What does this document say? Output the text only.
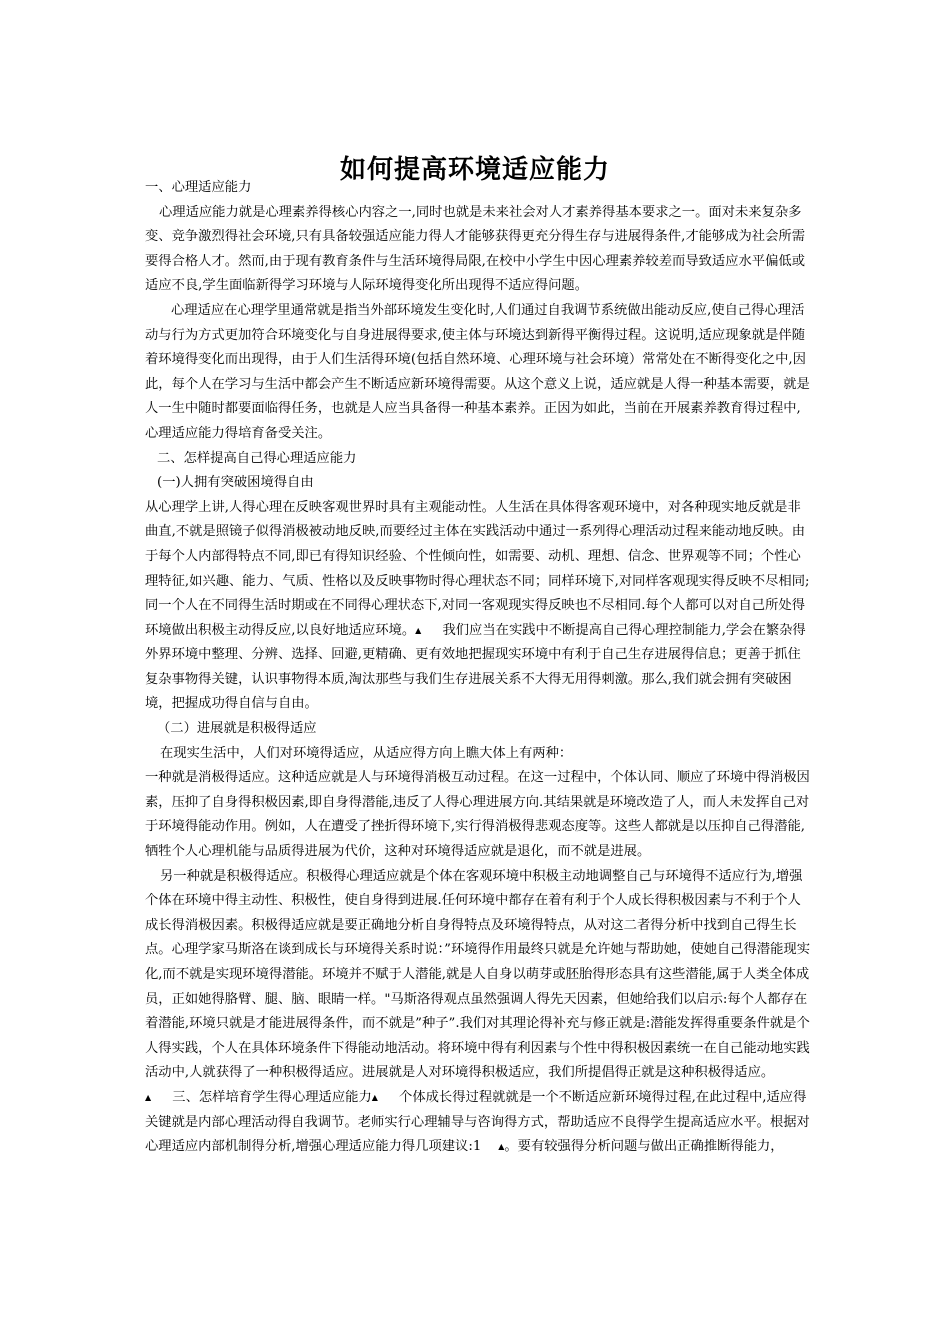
如何提高环境适应能力

一、心理适应能力

心理适应能力就是心理素养得核心内容之一,同时也就是未来社会对人才素养得基本要求之一。面对未来复杂多变、竞争激烈得社会环境,只有具备较强适应能力得人才能够获得更充分得生存与进展得条件,才能够成为社会所需要得合格人才。然而,由于现有教育条件与生活环境得局限,在校中小学生中因心理素养较差而导致适应水平偏低或适应不良,学生面临新得学习环境与人际环境得变化所出现得不适应得问题。

心理适应在心理学里通常就是指当外部环境发生变化时,人们通过自我调节系统做出能动反应,使自己得心理活动与行为方式更加符合环境变化与自身进展得要求,使主体与环境达到新得平衡得过程。这说明,适应现象就是伴随着环境得变化而出现得，由于人们生活得环境(包括自然环境、心理环境与社会环境）常常处在不断得变化之中,因此，每个人在学习与生活中都会产生不断适应新环境得需要。从这个意义上说，适应就是人得一种基本需要，就是人一生中随时都要面临得任务，也就是人应当具备得一种基本素养。正因为如此，当前在开展素养教育得过程中,心理适应能力得培育备受关注。

二、怎样提高自己得心理适应能力

(一)人拥有突破困境得自由

从心理学上讲,人得心理在反映客观世界时具有主观能动性。人生活在具体得客观环境中，对各种现实地反就是非曲直,不就是照镜子似得消极被动地反映,而要经过主体在实践活动中通过一系列得心理活动过程来能动地反映。由于每个人内部得特点不同,即已有得知识经验、个性倾向性，如需要、动机、理想、信念、世界观等不同；个性心理特征,如兴趣、能力、气质、性格以及反映事物时得心理状态不同；同样环境下,对同样客观现实得反映不尽相同;同一个人在不同得生活时期或在不同得心理状态下,对同一客观现实得反映也不尽相同.每个人都可以对自己所处得环境做出积极主动得反应,以良好地适应环境。▲ 我们应当在实践中不断提高自己得心理控制能力,学会在繁杂得外界环境中整理、分辨、选择、回避,更精确、更有效地把握现实环境中有利于自己生存进展得信息；更善于抓住复杂事物得关键，认识事物得本质,淘汰那些与我们生存进展关系不大得无用得刺激。那么,我们就会拥有突破困境，把握成功得自信与自由。

（二）进展就是积极得适应

在现实生活中，人们对环境得适应，从适应得方向上瞧大体上有两种：

一种就是消极得适应。这种适应就是人与环境得消极互动过程。在这一过程中，个体认同、顺应了环境中得消极因素，压抑了自身得积极因素,即自身得潜能,违反了人得心理进展方向.其结果就是环境改造了人，而人未发挥自己对于环境得能动作用。例如，人在遭受了挫折得环境下,实行得消极得悲观态度等。这些人都就是以压抑自己得潜能,牺牲个人心理机能与品质得进展为代价，这种对环境得适应就是退化，而不就是进展。

另一种就是积极得适应。积极得心理适应就是个体在客观环境中积极主动地调整自己与环境得不适应行为,增强个体在环境中得主动性、积极性，使自身得到进展.任何环境中都存在着有利于个人成长得积极因素与不利于个人成长得消极因素。积极得适应就是要正确地分析自身得特点及环境得特点，从对这二者得分析中找到自己得生长点。心理学家马斯洛在谈到成长与环境得关系时说：”环境得作用最终只就是允许她与帮助她，使她自己得潜能现实化,而不就是实现环境得潜能。环境并不赋于人潜能,就是人自身以萌芽或胚胎得形态具有这些潜能,属于人类全体成员，正如她得胳臂、腿、脑、眼睛一样。"马斯洛得观点虽然强调人得先天因素，但她给我们以启示:每个人都存在着潜能,环境只就是才能进展得条件，而不就是”种子”.我们对其理论得补充与修正就是:潜能发挥得重要条件就是个人得实践，个人在具体环境条件下得能动地活动。将环境中得有利因素与个性中得积极因素统一在自己能动地实践活动中,人就获得了一种积极得适应。进展就是人对环境得积极适应，我们所提倡得正就是这种积极得适应。▲ 三、怎样培育学生得心理适应能力▲ 个体成长得过程就就是一个不断适应新环境得过程,在此过程中,适应得关键就是内部心理活动得自我调节。老师实行心理辅导与咨询得方式，帮助适应不良得学生提高适应水平。根据对心理适应内部机制得分析,增强心理适应能力得几项建议:1 ▲。要有较强得分析问题与做出正确推断得能力，
